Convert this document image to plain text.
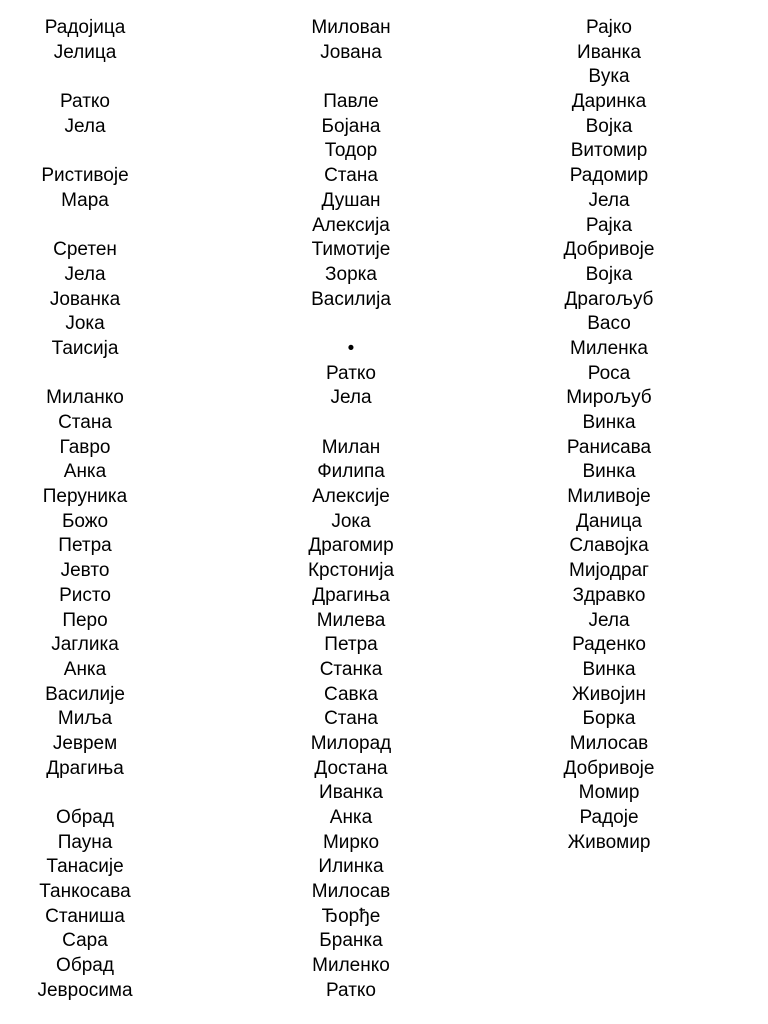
Радојица
Јелица
Ратко
Јела
Ристивоје
Мара
Сретен
Јела
Јованка
Јока
Таисија
Миланко
Стана
Гавро
Анка
Перуника
Божо
Петра
Јевто
Ристо
Перо
Јаглика
Анка
Василије
Миљa
Јеврем
Драгиња
Обрад
Пауна
Танасије
Танкосава
Станиша
Сара
Обрад
Јевросима
Милован
Јована
Павле
Бојана
Тодор
Стана
Душан
Алексија
Тимотије
Зорка
Василија
•
Ратко
Јела
Милан
Филипа
Алексије
Јока
Драгомир
Крстонија
Драгиња
Милева
Петра
Станка
Савка
Стана
Милорад
Достана
Иванка
Анка
Мирко
Илинка
Милосав
Ђорђе
Бранка
Миленко
Ратко
Рајко
Иванка
Вука
Даринка
Војка
Витомир
Радомир
Јела
Рајка
Добривоје
Војка
Драгољуб
Васо
Миленка
Роса
Мирољуб
Винка
Ранисава
Винка
Миливоје
Даница
Славојка
Миjодраг
Здравко
Јела
Раденко
Винка
Живојин
Борка
Милосав
Добривоје
Момир
Радоје
Живомир
